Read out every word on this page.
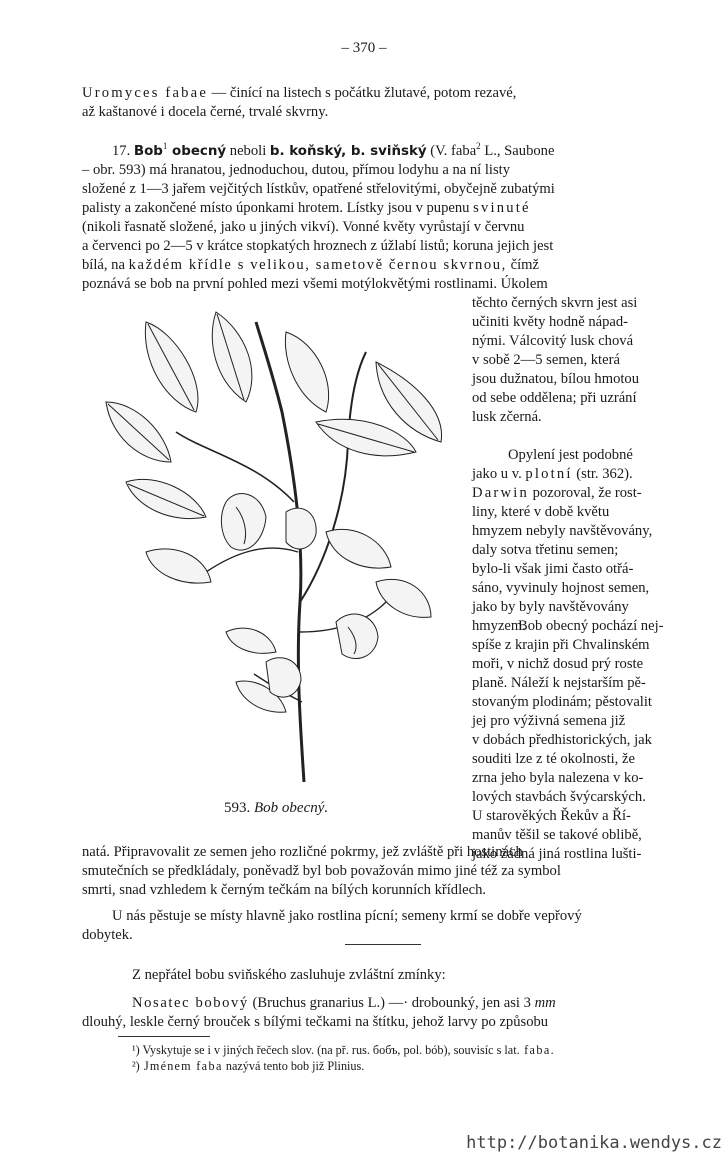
– 370 –
Uromyces fabae — činící na listech s počátku žlutavé, potom rezavé,
až kaštanové i docela černé, trvalé skvrny.
17. Bob$^1$ obecný neboli b. koňský, b. sviňský (V. faba$^2$ L., Saubone
– obr. 593) má hranatou, jednoduchou, dutou, přímou lodyhu a na ní listy
složené z 1—3 jařem vejčitých lístkův, opatřené střelovitými, obyčejně zubatými
palisty a zakončené místo úponkami hrotem. Lístky jsou v pupenu svinuté
(nikoli řasnatě složené, jako u jiných vikví). Vonné květy vyrůstají v červnu
a červenci po 2—5 v krátce stopkatých hroznech z úžlabí listů; koruna jejich jest
bílá, na každém křídle s velikou, sametově černou skvrnou, čímž
poznává se bob na první pohled mezi všemi motýlokvětými rostlinami. Úkolem
těchto černých skvrn jest asi
učiniti květy hodně nápad-
nými. Válcovitý lusk chová
v sobě 2—5 semen, která
jsou dužnatou, bílou hmotou
od sebe oddělena; při uzrání
lusk zčerná.
Opylení jest podobné
jako u v. plotní (str. 362).
Darwin pozoroval, že rost-
liny, které v době květu
hmyzem nebyly navštěvovány,
daly sotva třetinu semen;
bylo-li však jimi často otřá-
sáno, vyvinuly hojnost semen,
jako by byly navštěvovány
hmyzem.
Bob obecný pochází nej-
spíše z krajin při Chvalinském
moři, v nichž dosud prý roste
planě. Náleží k nejstarším pě-
stovaným plodinám; pěstovalit
jej pro výživná semena již
v dobách předhistorických, jak
souditi lze z té okolnosti, že
zrna jeho byla nalezena v ko-
lových stavbách švýcarských.
U starověkých Řekův a Ří-
manův těšil se takové oblibě,
jako žádná jiná rostlina lušti-
593. Bob obecný.
natá. Připravovalit ze semen jeho rozličné pokrmy, jež zvláště při hostinách
smutečních se předkládaly, poněvadž byl bob považován mimo jiné též za symbol
smrti, snad vzhledem k černým tečkám na bílých korunních křídlech.
U nás pěstuje se místy hlavně jako rostlina pícní; semeny krmí se dobře vepřový
dobytek.
Z nepřátel bobu sviňského zasluhuje zvláštní zmínky:
Nosatec bobový (Bruchus granarius L.) —· drobounký, jen asi 3 mm
dlouhý, leskle černý brouček s bílými tečkami na štítku, jehož larvy po způsobu
¹) Vyskytuje se i v jiných řečech slov. (na př. rus. бобъ, pol. bób), souvisíc s lat. faba.
²) Jménem faba nazývá tento bob již Plinius.
http://botanika.wendys.cz
